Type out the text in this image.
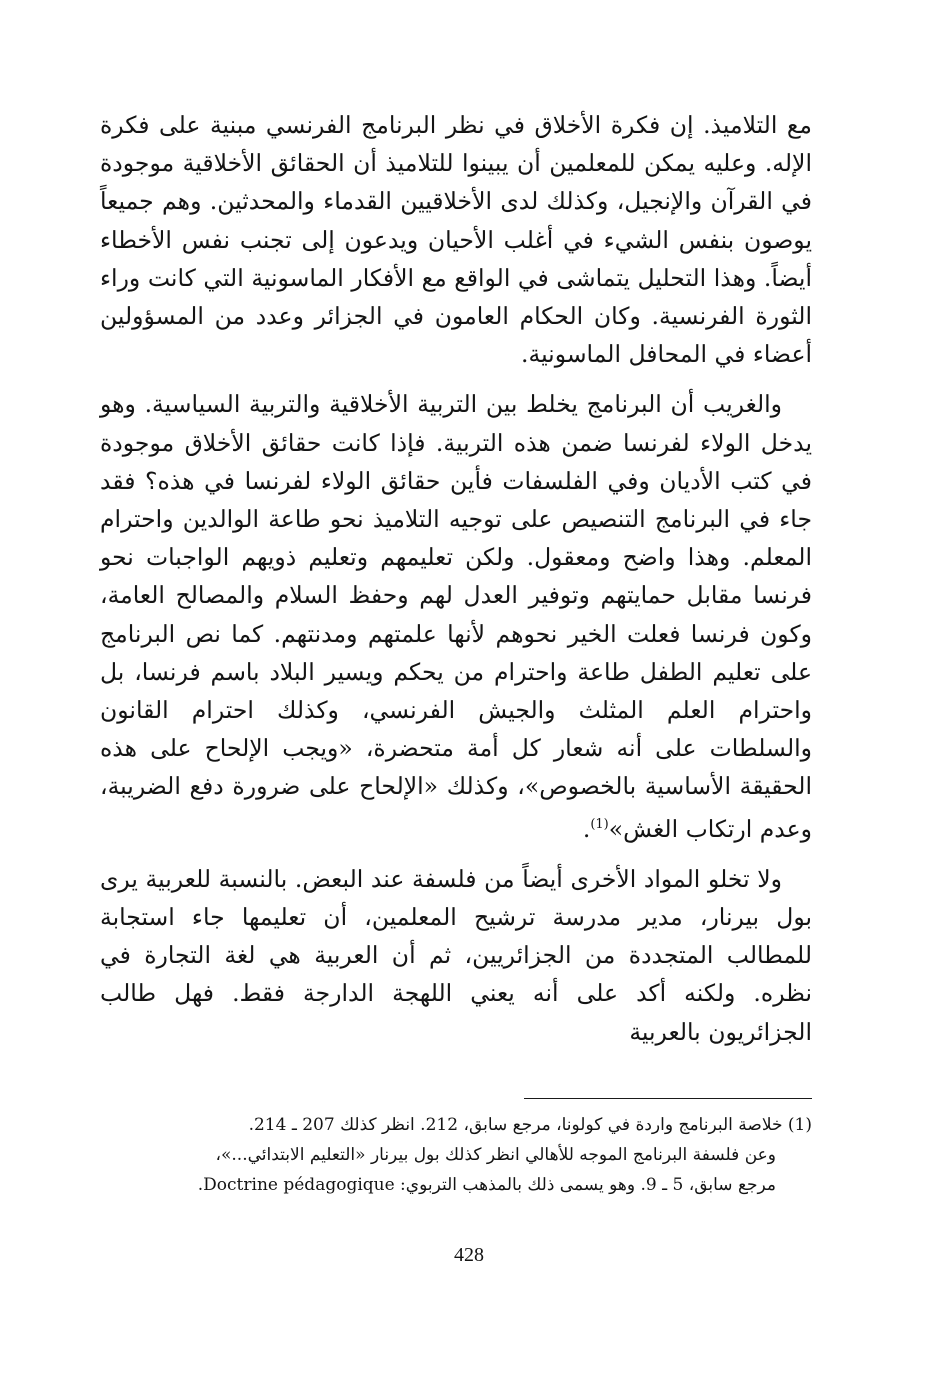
مع التلاميذ. إن فكرة الأخلاق في نظر البرنامج الفرنسي مبنية على فكرة الإله. وعليه يمكن للمعلمين أن يبينوا للتلاميذ أن الحقائق الأخلاقية موجودة في القرآن والإنجيل، وكذلك لدى الأخلاقيين القدماء والمحدثين. وهم جميعاً يوصون بنفس الشيء في أغلب الأحيان ويدعون إلى تجنب نفس الأخطاء أيضاً. وهذا التحليل يتماشى في الواقع مع الأفكار الماسونية التي كانت وراء الثورة الفرنسية. وكان الحكام العامون في الجزائر وعدد من المسؤولين أعضاء في المحافل الماسونية.

والغريب أن البرنامج يخلط بين التربية الأخلاقية والتربية السياسية. وهو يدخل الولاء لفرنسا ضمن هذه التربية. فإذا كانت حقائق الأخلاق موجودة في كتب الأديان وفي الفلسفات فأين حقائق الولاء لفرنسا في هذه؟ فقد جاء في البرنامج التنصيص على توجيه التلاميذ نحو طاعة الوالدين واحترام المعلم. وهذا واضح ومعقول. ولكن تعليمهم وتعليم ذويهم الواجبات نحو فرنسا مقابل حمايتهم وتوفير العدل لهم وحفظ السلام والمصالح العامة، وكون فرنسا فعلت الخير نحوهم لأنها علمتهم ومدنتهم. كما نص البرنامج على تعليم الطفل طاعة واحترام من يحكم ويسير البلاد باسم فرنسا، بل واحترام العلم المثلث والجيش الفرنسي، وكذلك احترام القانون والسلطات على أنه شعار كل أمة متحضرة، «ويجب الإلحاح على هذه الحقيقة الأساسية بالخصوص»، وكذلك «الإلحاح على ضرورة دفع الضريبة، وعدم ارتكاب الغش»$^{(1)}$.

ولا تخلو المواد الأخرى أيضاً من فلسفة عند البعض. بالنسبة للعربية يرى بول بيرنار، مدير مدرسة ترشيح المعلمين، أن تعليمها جاء استجابة للمطالب المتجددة من الجزائريين، ثم أن العربية هي لغة التجارة في نظره. ولكنه أكد على أنه يعني اللهجة الدارجة فقط. فهل طالب الجزائريون بالعربية

(1) خلاصة البرنامج واردة في كولونا، مرجع سابق، 212. انظر كذلك 207 ـ 214.

وعن فلسفة البرنامج الموجه للأهالي انظر كذلك بول بيرنار «التعليم الابتدائي...»،

مرجع سابق، 5 ـ 9. وهو يسمى ذلك بالمذهب التربوي: Doctrine pédagogique.

428
